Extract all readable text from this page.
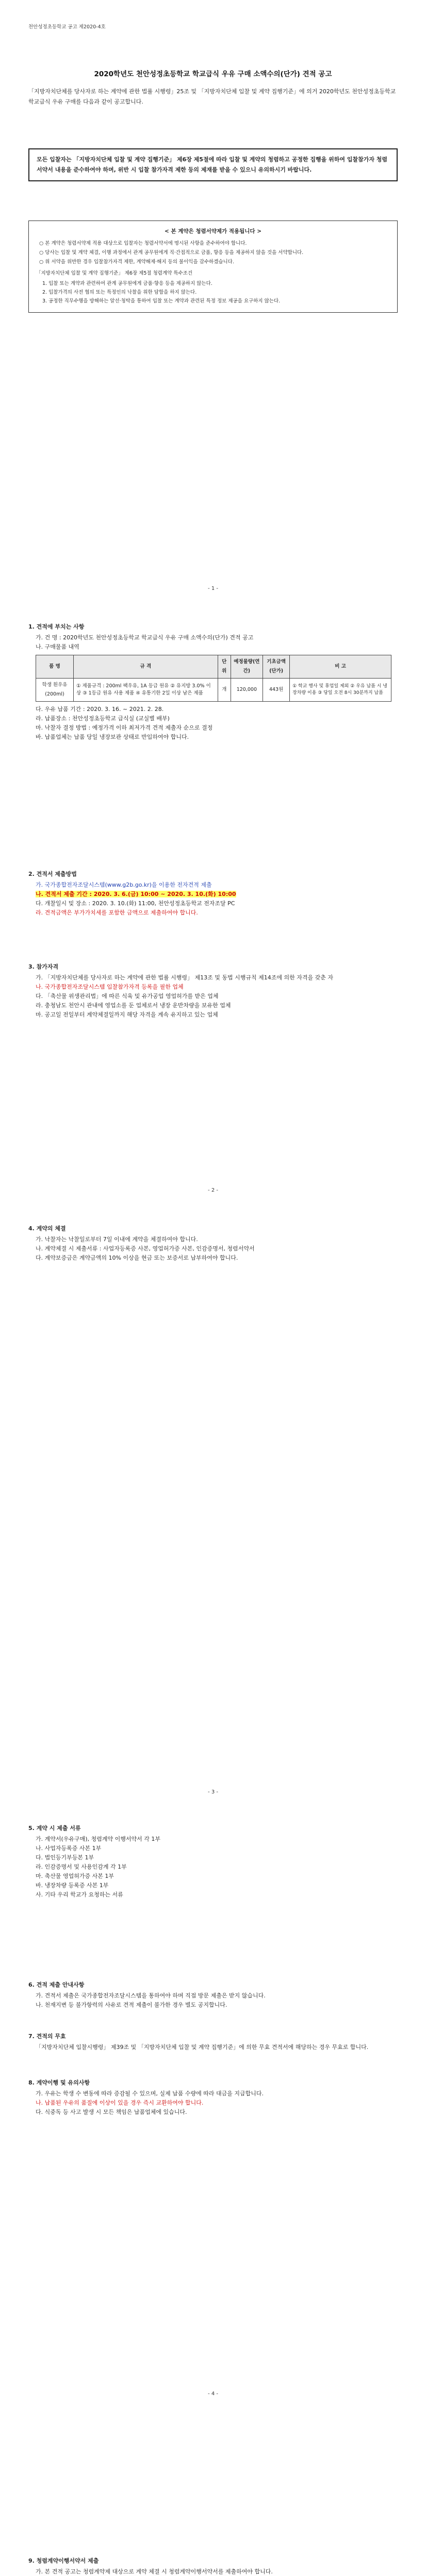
천안성정초등학교 공고 제2020-4호
2020학년도 천안성정초등학교 학교급식 우유 구매 소액수의(단가) 견적 공고
「지방자치단체를 당사자로 하는 계약에 관한 법률 시행령」25조 및 「지방자치단체 입찰 및 계약 집행기준」에 의거 2020학년도 천안성정초등학교 학교급식 우유 구매를 다음과 같이 공고합니다.
모든 입찰자는 「지방자치단체 입찰 및 계약 집행기준」 제6장 제5절에 따라 입찰 및 계약의 청렴하고 공정한 집행을 위하여 입찰참가자 청렴서약서 내용을 준수하여야 하며, 위반 시 입찰 참가자격 제한 등의 제재를 받을 수 있으니 유의하시기 바랍니다.
< 본 계약은 청렴서약제가 적용됩니다 >
○ 본 계약은 청렴서약제 적용 대상으로 입찰자는 청렴서약서에 명시된 사항을 준수하여야 합니다.
○ 당사는 입찰 및 계약 체결, 이행 과정에서 관계 공무원에게 직·간접적으로 금품, 향응 등을 제공하지 않을 것을 서약합니다.
○ 위 서약을 위반한 경우 입찰참가자격 제한, 계약해제·해지 등의 불이익을 감수하겠습니다.
「지방자치단체 입찰 및 계약 집행기준」 제6장 제5절 청렴계약 특수조건
1. 입찰 또는 계약과 관련하여 관계 공무원에게 금품·향응 등을 제공하지 않는다.
2. 입찰가격의 사전 협의 또는 특정인의 낙찰을 위한 담합을 하지 않는다.
3. 공정한 직무수행을 방해하는 알선·청탁을 통하여 입찰 또는 계약과 관련된 특정 정보 제공을 요구하지 않는다.
- 1 -
1. 견적에 부치는 사항
가. 건 명 : 2020학년도 천안성정초등학교 학교급식 우유 구매 소액수의(단가) 견적 공고
나. 구매물품 내역
품 명	규 격	단위	예정물량(연간)	기초금액(단가)	비 고
학생 흰우유(200ml)	① 제품규격 : 200ml 팩우유, 1A 등급 원유 ② 유지방 3.0% 이상 ③ 1등급 원유 사용 제품 ④ 유통기한 2일 이상 남은 제품	개	120,000	443원	① 학교 행사 및 휴업일 제외 ② 우유 납품 시 냉장차량 이용 ③ 당일 오전 8시 30분까지 납품
다. 우유 납품 기간 : 2020. 3. 16. ~ 2021. 2. 28.
라. 납품장소 : 천안성정초등학교 급식실 (교실별 배부)
마. 낙찰자 결정 방법 : 예정가격 이하 최저가격 견적 제출자 순으로 결정
바. 납품업체는 납품 당일 냉장보관 상태로 반입하여야 합니다.
2. 견적서 제출방법
가. 국가종합전자조달시스템(www.g2b.go.kr)을 이용한 전자견적 제출
나. 견적서 제출 기간 : 2020. 3. 6.(금) 10:00 ~ 2020. 3. 10.(화) 10:00
다. 개찰일시 및 장소 : 2020. 3. 10.(화) 11:00, 천안성정초등학교 전자조달 PC
라. 견적금액은 부가가치세를 포함한 금액으로 제출하여야 합니다.
3. 참가자격
가. 「지방자치단체를 당사자로 하는 계약에 관한 법률 시행령」 제13조 및 동법 시행규칙 제14조에 의한 자격을 갖춘 자
나. 국가종합전자조달시스템 입찰참가자격 등록을 필한 업체
다. 「축산물 위생관리법」에 따른 식육 및 유가공업 영업허가를 받은 업체
라. 충청남도 천안시 관내에 영업소를 둔 업체로서 냉장 운반차량을 보유한 업체
마. 공고일 전일부터 계약체결일까지 해당 자격을 계속 유지하고 있는 업체
- 2 -
4. 계약의 체결
가. 낙찰자는 낙찰일로부터 7일 이내에 계약을 체결하여야 합니다.
나. 계약체결 시 제출서류 : 사업자등록증 사본, 영업허가증 사본, 인감증명서, 청렴서약서
다. 계약보증금은 계약금액의 10% 이상을 현금 또는 보증서로 납부하여야 합니다.
- 3 -
5. 계약 시 제출 서류
가. 계약서(우유구매), 청렴계약 이행서약서 각 1부
나. 사업자등록증 사본 1부
다. 법인등기부등본 1부
라. 인감증명서 및 사용인감계 각 1부
마. 축산물 영업허가증 사본 1부
바. 냉장차량 등록증 사본 1부
사. 기타 우리 학교가 요청하는 서류
6. 견적 제출 안내사항
가. 견적서 제출은 국가종합전자조달시스템을 통하여야 하며 직접 방문 제출은 받지 않습니다.
나. 천재지변 등 불가항력의 사유로 견적 제출이 불가한 경우 별도 공지합니다.
7. 견적의 무효
「지방자치단체 입찰시행령」 제39조 및 「지방자치단체 입찰 및 계약 집행기준」에 의한 무효 견적서에 해당하는 경우 무효로 합니다.
8. 계약이행 및 유의사항
가. 우유는 학생 수 변동에 따라 증감될 수 있으며, 실제 납품 수량에 따라 대금을 지급합니다.
나. 납품된 우유의 품질에 이상이 있을 경우 즉시 교환하여야 합니다.
다. 식중독 등 사고 발생 시 모든 책임은 납품업체에 있습니다.
- 4 -
9. 청렴계약이행서약서 제출
가. 본 견적 공고는 청렴계약제 대상으로 계약 체결 시 청렴계약이행서약서를 제출하여야 합니다.
